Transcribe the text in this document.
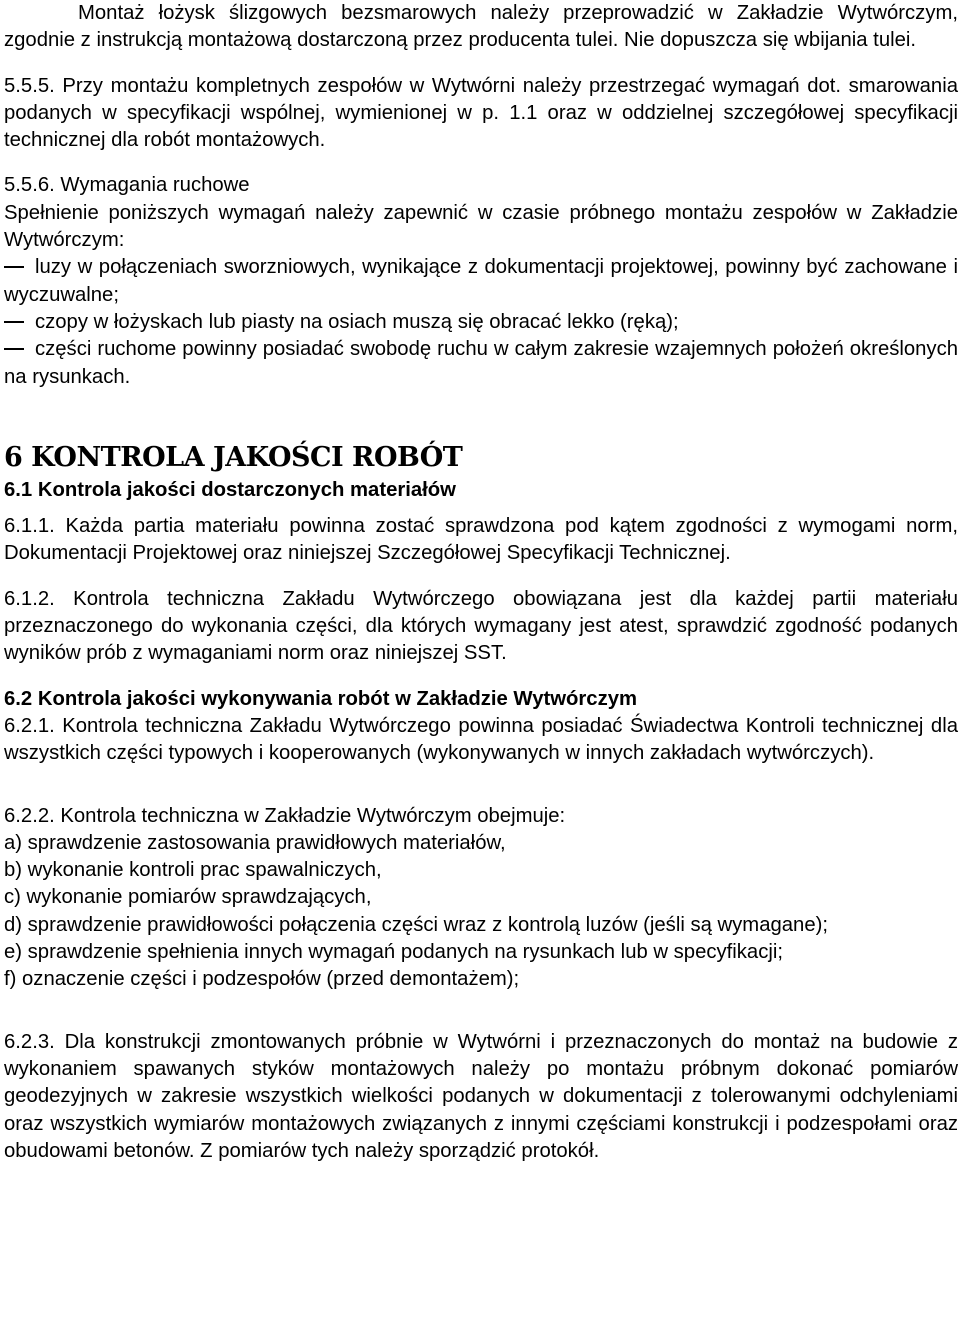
Montaż łożysk ślizgowych bezsmarowych należy przeprowadzić w Zakładzie Wytwórczym, zgodnie z instrukcją montażową dostarczoną przez producenta tulei. Nie dopuszcza się wbijania tulei.

5.5.5. Przy montażu kompletnych zespołów w Wytwórni należy przestrzegać wymagań dot. smarowania podanych w specyfikacji wspólnej, wymienionej w p. 1.1 oraz w oddzielnej szczegółowej specyfikacji technicznej dla robót montażowych.

5.5.6. Wymagania ruchowe

Spełnienie poniższych wymagań należy zapewnić w czasie próbnego montażu zespołów w Zakładzie Wytwórczym:

luzy w połączeniach sworzniowych, wynikające z dokumentacji projektowej, powinny być zachowane i wyczuwalne;
czopy w łożyskach lub piasty na osiach muszą się obracać lekko (ręką);
części ruchome powinny posiadać swobodę ruchu w całym zakresie wzajemnych położeń określonych na rysunkach.
6 KONTROLA JAKOŚCI ROBÓT
6.1 Kontrola jakości dostarczonych materiałów

6.1.1. Każda partia materiału powinna zostać sprawdzona pod kątem zgodności z wymogami norm, Dokumentacji Projektowej oraz niniejszej Szczegółowej Specyfikacji Technicznej.

6.1.2. Kontrola techniczna Zakładu Wytwórczego obowiązana jest dla każdej partii materiału przeznaczonego do wykonania części, dla których wymagany jest atest, sprawdzić zgodność podanych wyników prób z wymaganiami norm oraz niniejszej SST.

6.2 Kontrola jakości wykonywania robót w Zakładzie Wytwórczym

6.2.1. Kontrola techniczna Zakładu Wytwórczego powinna posiadać Świadectwa Kontroli technicznej dla wszystkich części typowych i kooperowanych (wykonywanych w innych zakładach wytwórczych).

6.2.2. Kontrola techniczna w Zakładzie Wytwórczym obejmuje:

a) sprawdzenie zastosowania prawidłowych materiałów,
b) wykonanie kontroli prac spawalniczych,
c) wykonanie pomiarów sprawdzających,
d) sprawdzenie prawidłowości połączenia części wraz z kontrolą luzów (jeśli są wymagane);
e) sprawdzenie spełnienia innych wymagań podanych na rysunkach lub w specyfikacji;
f) oznaczenie części i podzespołów (przed demontażem);

6.2.3. Dla konstrukcji zmontowanych próbnie w Wytwórni i przeznaczonych do montaż na budowie z wykonaniem spawanych styków montażowych należy po montażu próbnym dokonać pomiarów geodezyjnych w zakresie wszystkich wielkości podanych w dokumentacji z tolerowanymi odchyleniami oraz wszystkich wymiarów montażowych związanych z innymi częściami konstrukcji i podzespołami oraz obudowami betonów. Z pomiarów tych należy sporządzić protokół.
